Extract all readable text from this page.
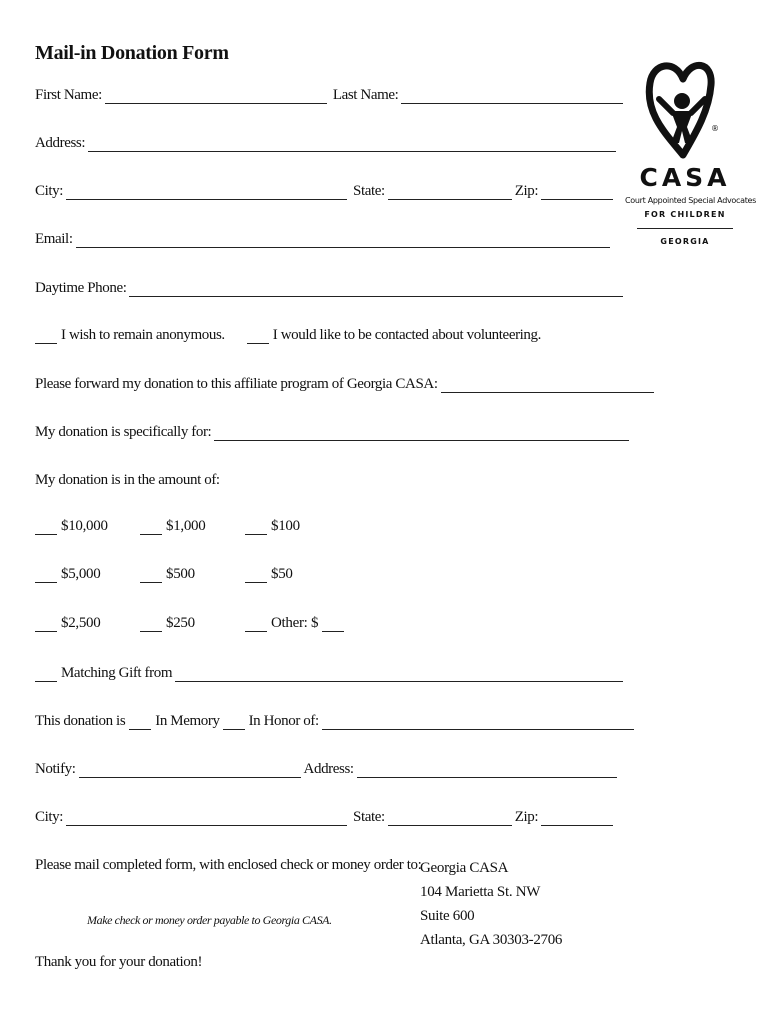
Mail-in Donation Form
First Name:	Last Name:
Address:
City:	State:	Zip:
Email:
Daytime Phone:
I wish to remain anonymous.	I would like to be contacted about volunteering.
Please forward my donation to this affiliate program of Georgia CASA:
My donation is specifically for:
My donation is in the amount of:
$10,000	$1,000	$100
$5,000	$500	$50
$2,500	$250	Other: $
Matching Gift from
This donation is In Memory In Honor of:
Notify:	Address:
City:	State:	Zip:
Please mail completed form, with enclosed check or money order to:
Make check or money order payable to Georgia CASA.
Thank you for your donation!
Georgia CASA
104 Marietta St. NW
Suite 600
Atlanta, GA 30303-2706
®
CASA
Court Appointed Special Advocates
FOR CHILDREN
GEORGIA
